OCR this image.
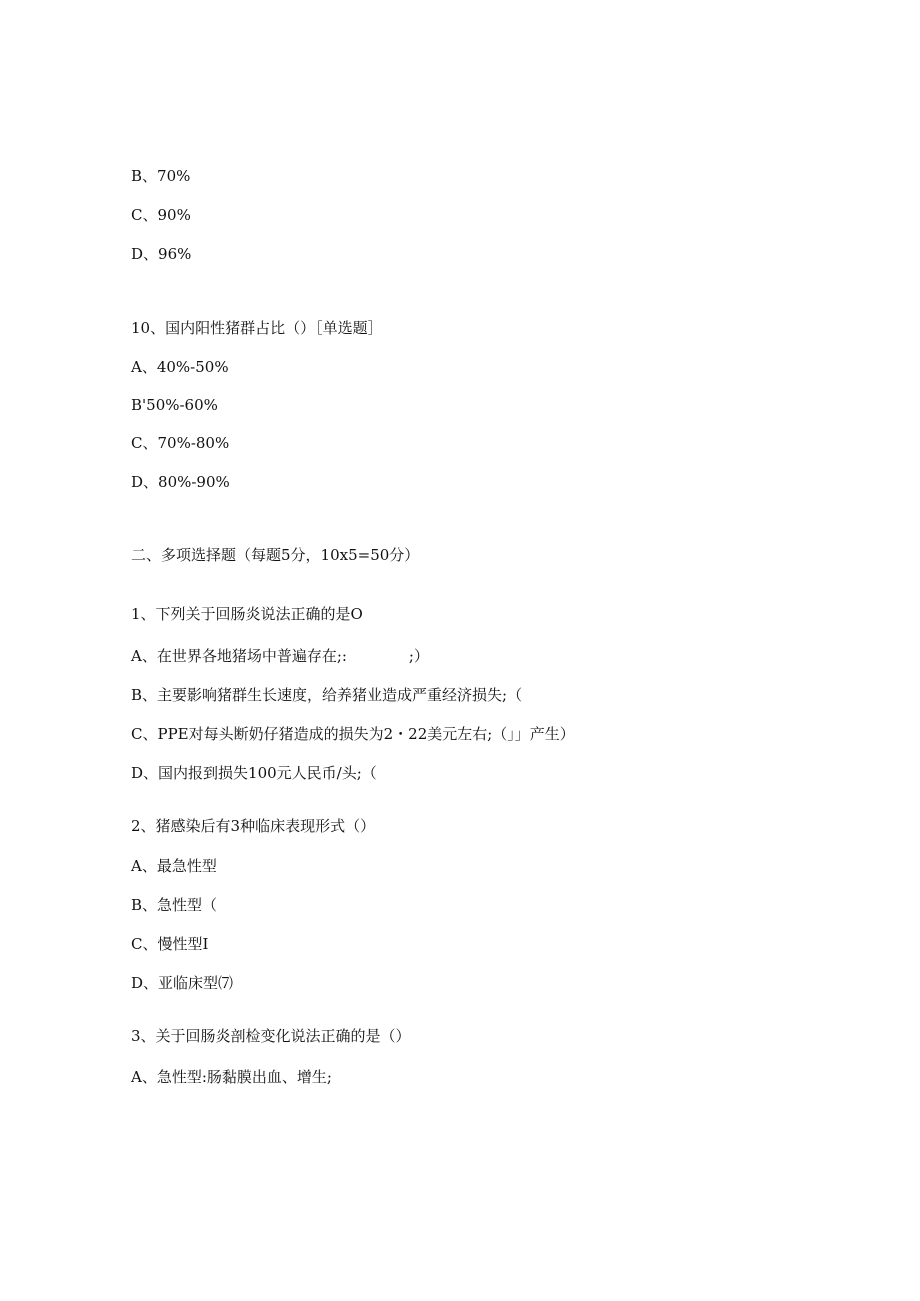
B、70%
C、90%
D、96%
10、国内阳性猪群占比（）［单选题］
A、40%-50%
B'50%-60%
C、70%-80%
D、80%-90%
二、多项选择题（每题5分，10x5=50分）
1、下列关于回肠炎说法正确的是O
A、在世界各地猪场中普遍存在;:             ;）
B、主要影响猪群生长速度，给养猪业造成严重经济损失;（
C、PPE对每头断奶仔猪造成的损失为2・22美元左右;（」」产生）
D、国内报到损失100元人民币/头;（
2、猪感染后有3种临床表现形式（）
A、最急性型
B、急性型（
C、慢性型I
D、亚临床型⑺
3、关于回肠炎剖检变化说法正确的是（）
A、急性型:肠黏膜出血、增生;
